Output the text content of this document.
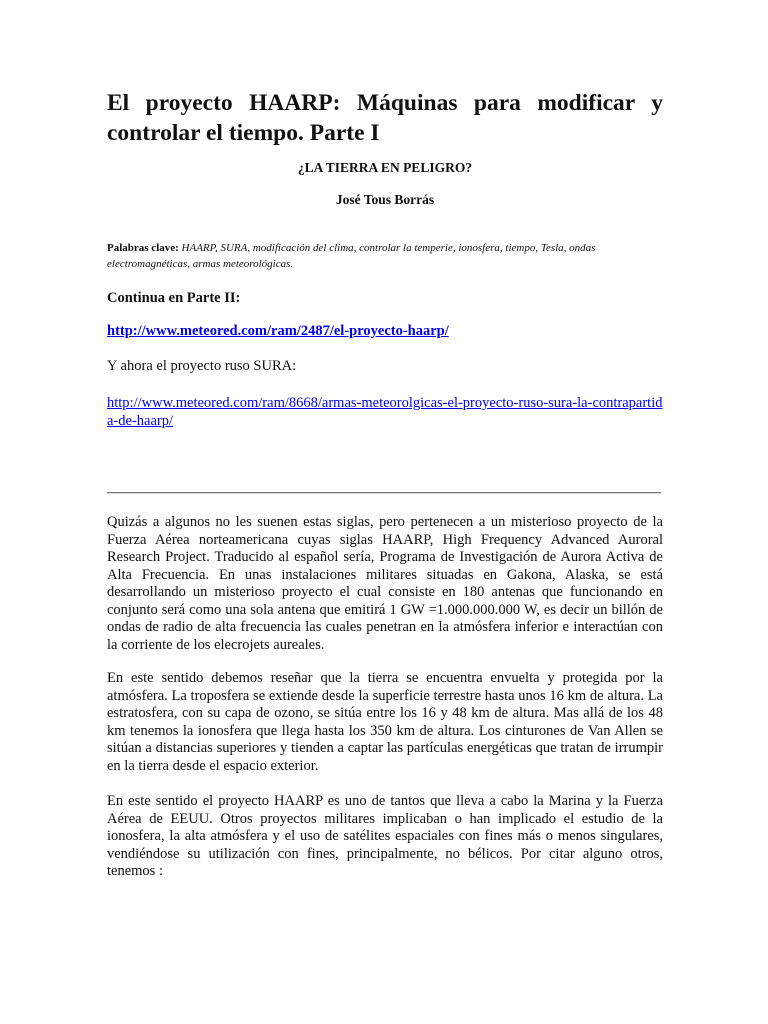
El proyecto HAARP: Máquinas para modificar y controlar el tiempo. Parte I

¿LA TIERRA EN PELIGRO?

José Tous Borrás

Palabras clave: HAARP, SURA, modificación del clima, controlar la temperie, ionosfera, tiempo, Tesla, ondas electromagnéticas, armas meteorológicas.

Continua en Parte II:

http://www.meteored.com/ram/2487/el-proyecto-haarp/

Y ahora el proyecto ruso SURA:

http://www.meteored.com/ram/8668/armas-meteorolgicas-el-proyecto-ruso-sura-la-contrapartida-de-haarp/

Quizás a algunos no les suenen estas siglas, pero pertenecen a un misterioso proyecto de la Fuerza Aérea norteamericana cuyas siglas HAARP, High Frequency Advanced Auroral Research Project. Traducido al español sería, Programa de Investigación de Aurora Activa de Alta Frecuencia. En unas instalaciones militares situadas en Gakona, Alaska, se está desarrollando un misterioso proyecto el cual consiste en 180 antenas que funcionando en conjunto será como una sola antena que emitirá 1 GW =1.000.000.000 W, es decir un billón de ondas de radio de alta frecuencia las cuales penetran en la atmósfera inferior e interactúan con la corriente de los elecrojets aureales.

En este sentido debemos reseñar que la tierra se encuentra envuelta y protegida por la atmósfera. La troposfera se extiende desde la superficie terrestre hasta unos 16 km de altura. La estratosfera, con su capa de ozono, se sitúa entre los 16 y 48 km de altura. Mas allá de los 48 km tenemos la ionosfera que llega hasta los 350 km de altura. Los cinturones de Van Allen se sitúan a distancias superiores y tienden a captar las partículas energéticas que tratan de irrumpir en la tierra desde el espacio exterior.

En este sentido el proyecto HAARP es uno de tantos que lleva a cabo la Marina y la Fuerza Aérea de EEUU. Otros proyectos militares implicaban o han implicado el estudio de la ionosfera, la alta atmósfera y el uso de satélites espaciales con fines más o menos singulares, vendiéndose su utilización con fines, principalmente, no bélicos. Por citar alguno otros, tenemos :
